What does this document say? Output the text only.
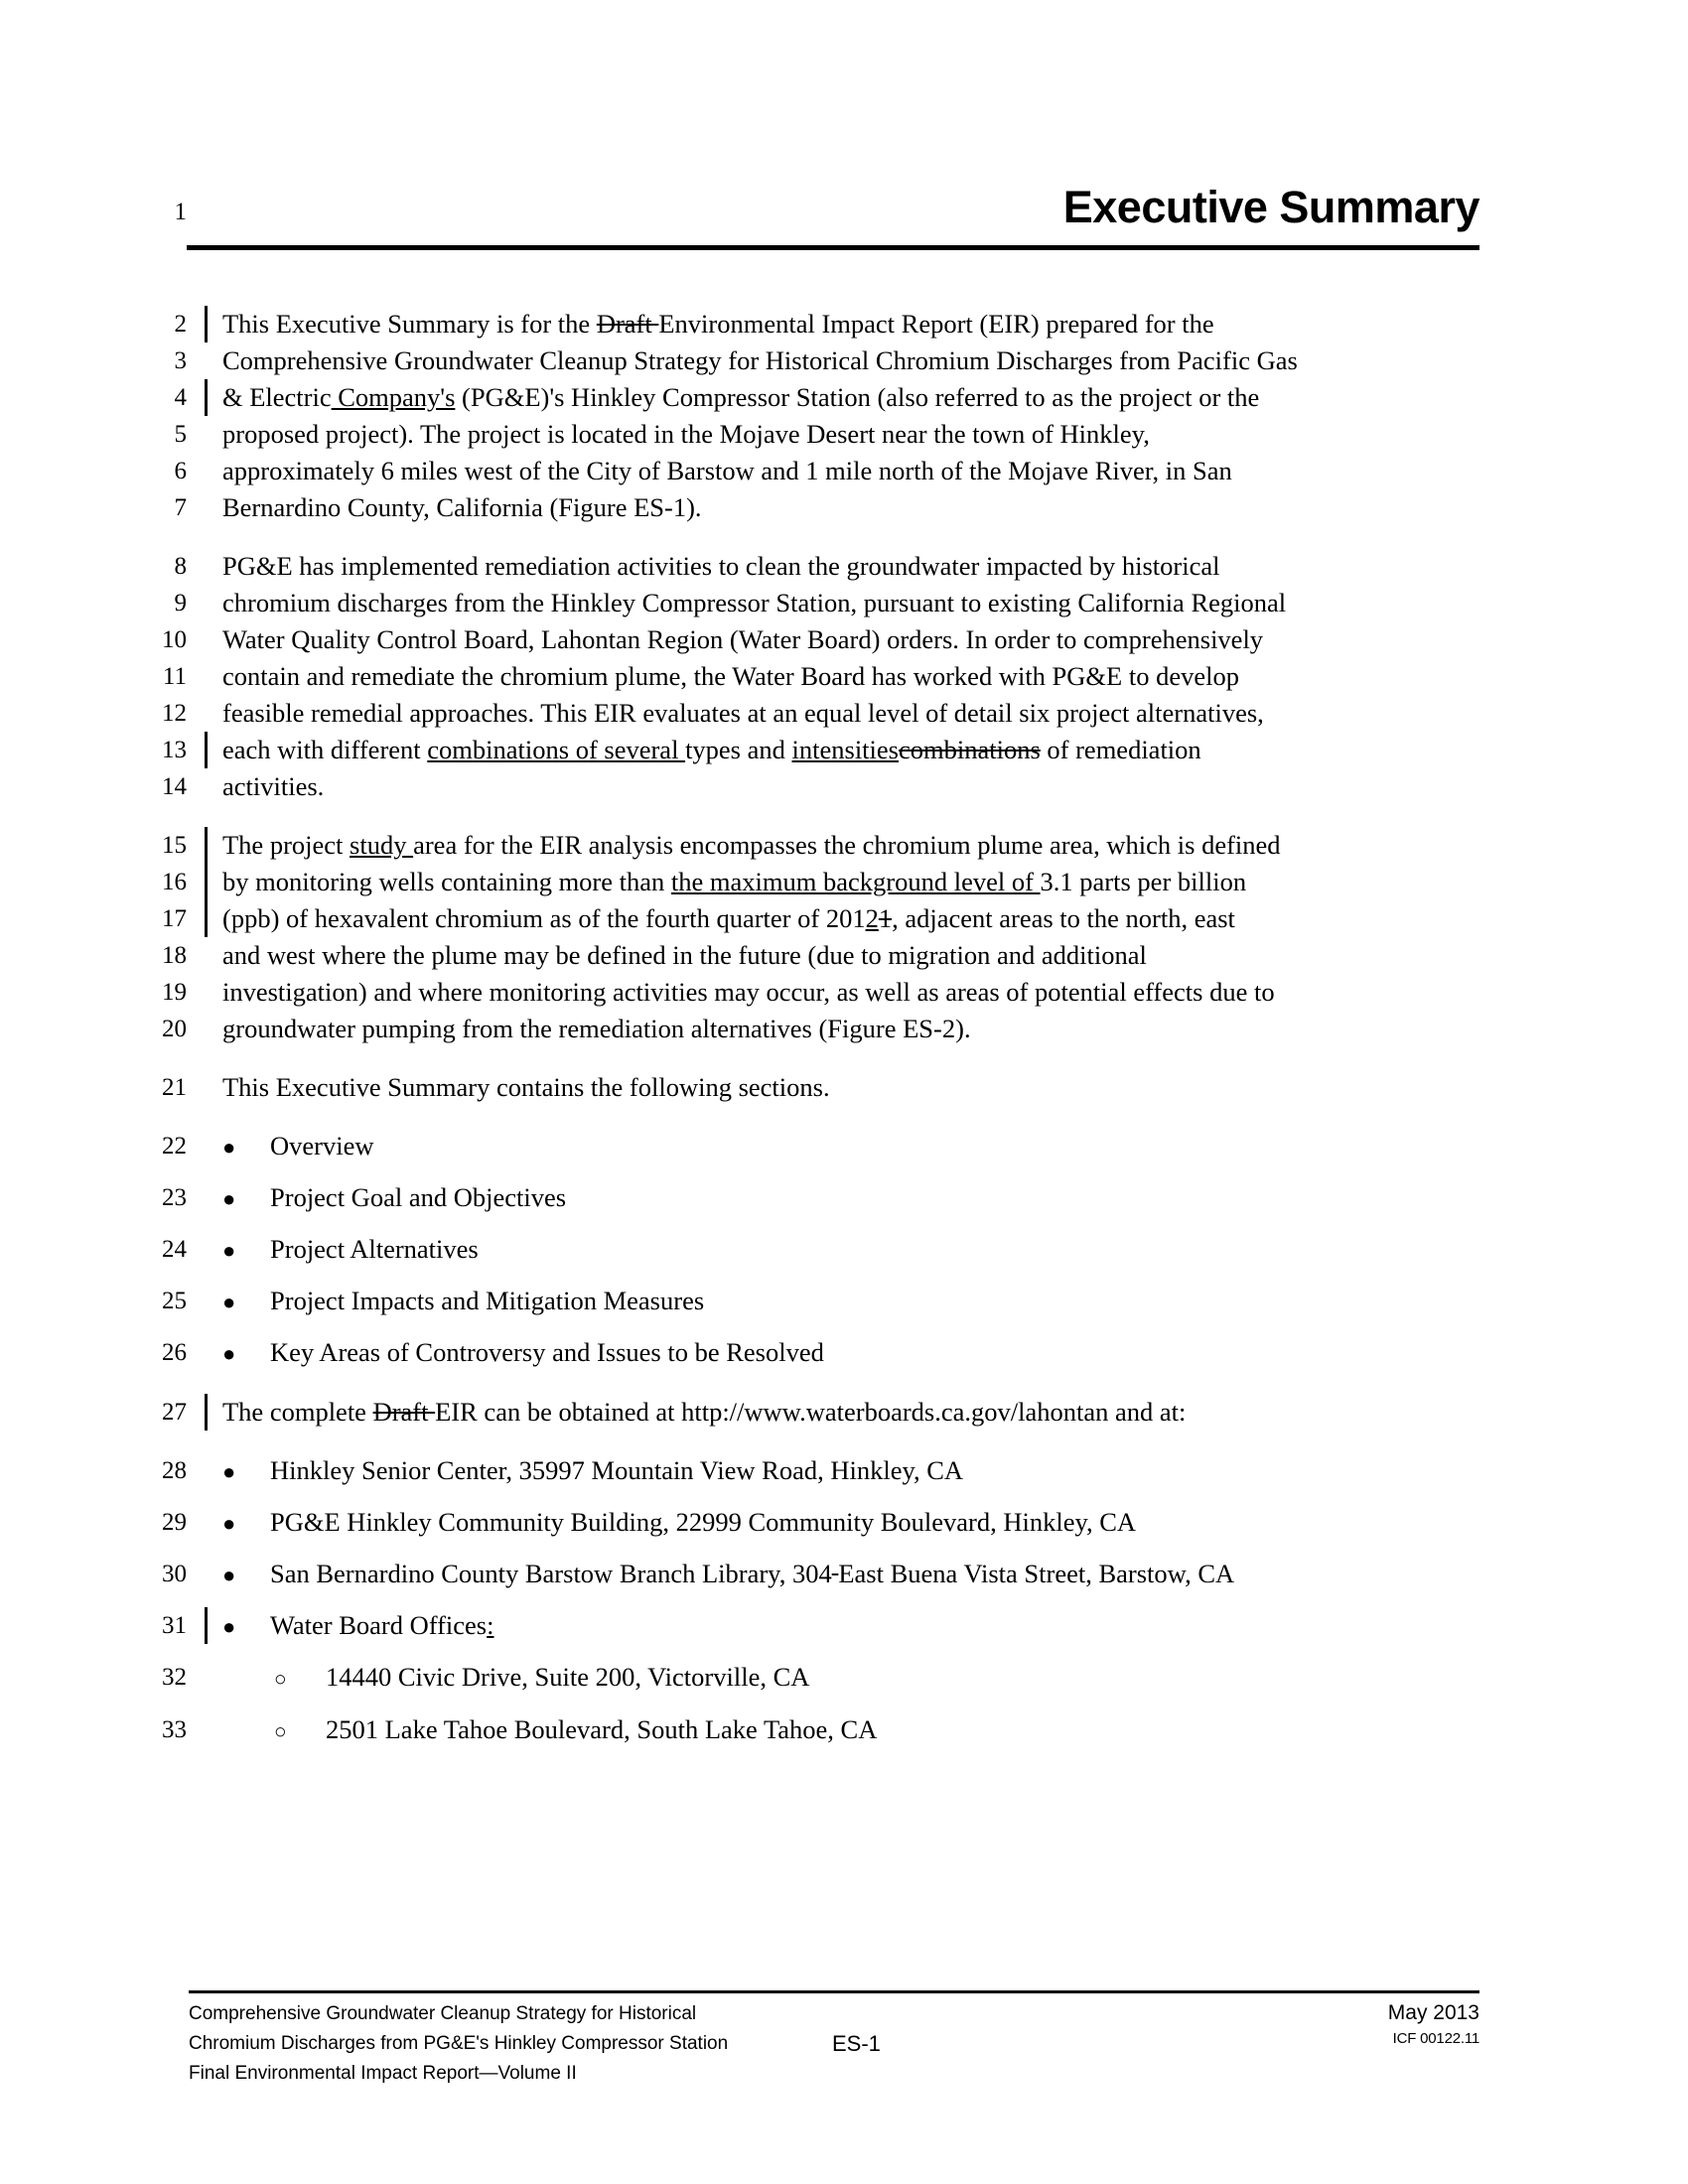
1	Executive Summary
2 This Executive Summary is for the Draft Environmental Impact Report (EIR) prepared for the
3 Comprehensive Groundwater Cleanup Strategy for Historical Chromium Discharges from Pacific Gas
4 & Electric Company's (PG&E)'s Hinkley Compressor Station (also referred to as the project or the
5 proposed project). The project is located in the Mojave Desert near the town of Hinkley,
6 approximately 6 miles west of the City of Barstow and 1 mile north of the Mojave River, in San
7 Bernardino County, California (Figure ES-1).
8 PG&E has implemented remediation activities to clean the groundwater impacted by historical
9 chromium discharges from the Hinkley Compressor Station, pursuant to existing California Regional
10 Water Quality Control Board, Lahontan Region (Water Board) orders. In order to comprehensively
11 contain and remediate the chromium plume, the Water Board has worked with PG&E to develop
12 feasible remedial approaches. This EIR evaluates at an equal level of detail six project alternatives,
13 each with different combinations of several types and intensitiescombinations of remediation
14 activities.
15 The project study area for the EIR analysis encompasses the chromium plume area, which is defined
16 by monitoring wells containing more than the maximum background level of 3.1 parts per billion
17 (ppb) of hexavalent chromium as of the fourth quarter of 20121, adjacent areas to the north, east
18 and west where the plume may be defined in the future (due to migration and additional
19 investigation) and where monitoring activities may occur, as well as areas of potential effects due to
20 groundwater pumping from the remediation alternatives (Figure ES-2).
21 This Executive Summary contains the following sections.
22 ●	Overview
23 ●	Project Goal and Objectives
24 ●	Project Alternatives
25 ●	Project Impacts and Mitigation Measures
26 ●	Key Areas of Controversy and Issues to be Resolved
27 The complete Draft EIR can be obtained at http://www.waterboards.ca.gov/lahontan and at:
28 ●	Hinkley Senior Center, 35997 Mountain View Road, Hinkley, CA
29 ●	PG&E Hinkley Community Building, 22999 Community Boulevard, Hinkley, CA
30 ●	San Bernardino County Barstow Branch Library, 304 East Buena Vista Street, Barstow, CA
31 ●	Water Board Offices:
32	○	14440 Civic Drive, Suite 200, Victorville, CA
33	○	2501 Lake Tahoe Boulevard, South Lake Tahoe, CA
Comprehensive Groundwater Cleanup Strategy for Historical
Chromium Discharges from PG&E's Hinkley Compressor Station
Final Environmental Impact Report—Volume II
May 2013
ICF 00122.11
ES-1
